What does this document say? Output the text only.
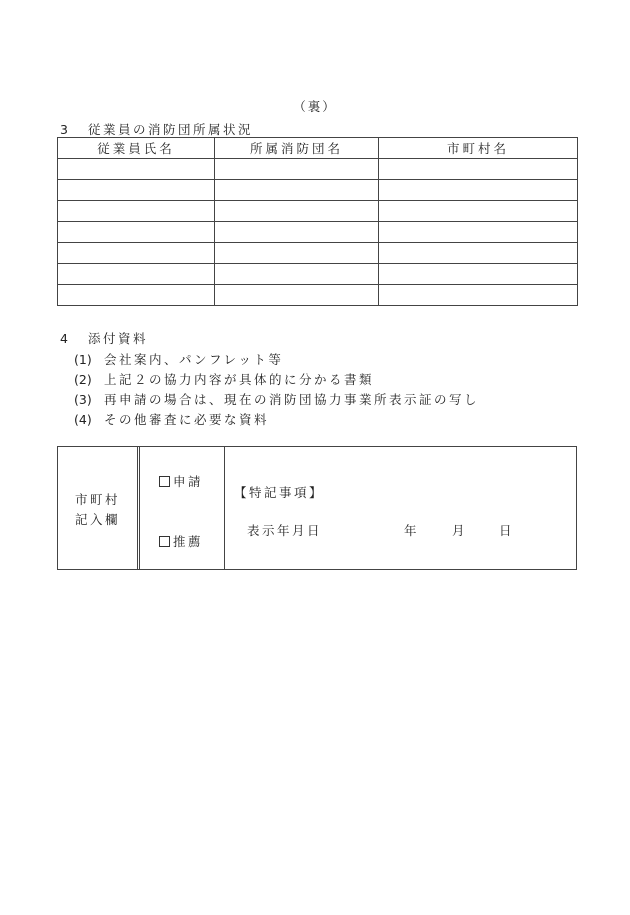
（裏）
3 従業員の消防団所属状況
従業員氏名	所属消防団名	市町村名

4 添付資料
(1) 会社案内、パンフレット等
(2) 上記２の協力内容が具体的に分かる書類
(3) 再申請の場合は、現在の消防団協力事業所表示証の写し
(4) その他審査に必要な資料
市町村
記入欄
申請
推薦
【特記事項】
表示年月日	年	月	日
